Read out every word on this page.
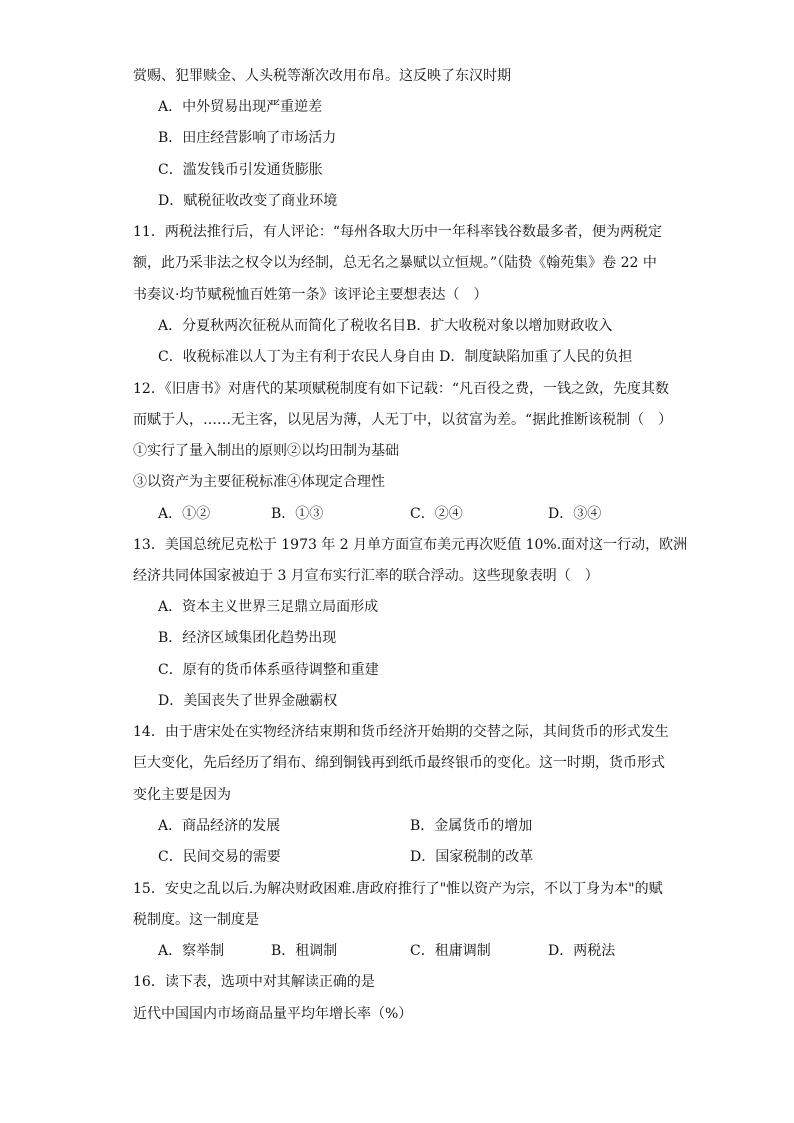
赏赐、犯罪赎金、人头税等渐次改用布帛。这反映了东汉时期
A．中外贸易出现严重逆差
B．田庄经营影响了市场活力
C．滥发钱币引发通货膨胀
D．赋税征收改变了商业环境
11．两税法推行后，有人评论：“每州各取大历中一年科率钱谷数最多者，便为两税定
额，此乃采非法之权令以为经制，总无名之暴赋以立恒规。”（陆贽《翰苑集》卷 22 中
书奏议·均节赋税恤百姓第一条》该评论主要想表达（　）
A．分夏秋两次征税从而简化了税收名目B．扩大收税对象以增加财政收入
C．收税标准以人丁为主有利于农民人身自由 D．制度缺陷加重了人民的负担
12．《旧唐书》对唐代的某项赋税制度有如下记载：“凡百役之费，一钱之敛，先度其数
而赋于人，……无主客，以见居为薄，人无丁中，以贫富为差。“据此推断该税制（　）
①实行了量入制出的原则②以均田制为基础
③以资产为主要征税标准④体现定合理性
A．①②	B．①③	C．②④	D．③④
13．美国总统尼克松于 1973 年 2 月单方面宣布美元再次贬值 10%.面对这一行动，欧洲
经济共同体国家被迫于 3 月宣布实行汇率的联合浮动。这些现象表明（　）
A．资本主义世界三足鼎立局面形成
B．经济区域集团化趋势出现
C．原有的货币体系亟待调整和重建
D．美国丧失了世界金融霸权
14．由于唐宋处在实物经济结束期和货币经济开始期的交替之际，其间货币的形式发生
巨大变化，先后经历了绢布、绵到铜钱再到纸币最终银币的变化。这一时期，货币形式
变化主要是因为
A．商品经济的发展	B．金属货币的增加
C．民间交易的需要	D．国家税制的改革
15．安史之乱以后.为解决财政困难.唐政府推行了"惟以资产为宗，不以丁身为本"的赋
税制度。这一制度是
A．察举制	B．租调制	C．租庸调制	D．两税法
16．读下表，选项中对其解读正确的是
近代中国国内市场商品量平均年增长率（%）
